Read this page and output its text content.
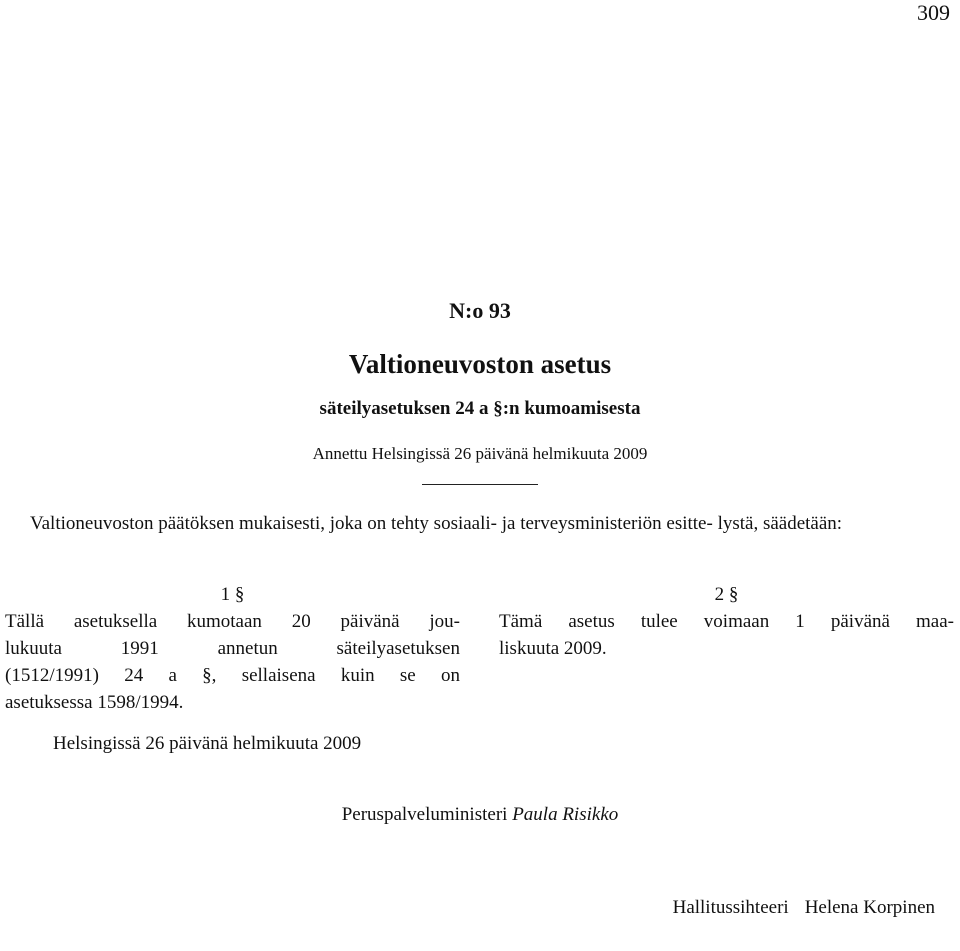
309
N:o 93
Valtioneuvoston asetus
säteilyasetuksen 24 a §:n kumoamisesta
Annettu Helsingissä 26 päivänä helmikuuta 2009
Valtioneuvoston päätöksen mukaisesti, joka on tehty sosiaali- ja terveysministeriön esitte- lystä, säädetään:
1 §
Tällä asetuksella kumotaan 20 päivänä jou-
lukuuta 1991 annetun säteilyasetuksen
(1512/1991) 24 a §, sellaisena kuin se on
asetuksessa 1598/1994.
2 §
Tämä asetus tulee voimaan 1 päivänä maa-
liskuuta 2009.
Helsingissä 26 päivänä helmikuuta 2009
Peruspalveluministeri Paula Risikko
Hallitussihteeri Helena Korpinen
